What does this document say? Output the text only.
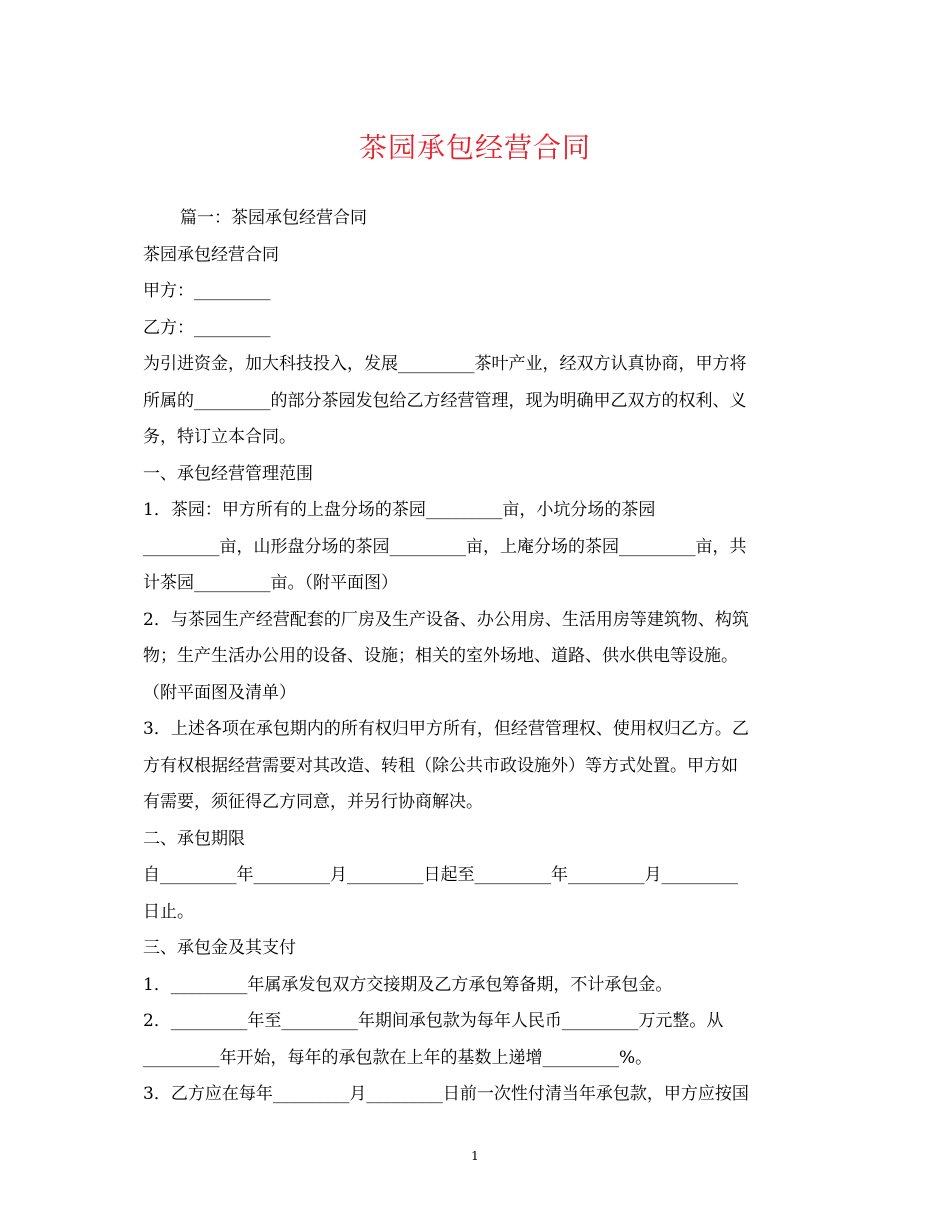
茶园承包经营合同
篇一：茶园承包经营合同
茶园承包经营合同
甲方：_________
乙方：_________
为引进资金，加大科技投入，发展_________茶叶产业，经双方认真协商，甲方将
所属的_________的部分茶园发包给乙方经营管理，现为明确甲乙双方的权利、义
务，特订立本合同。
一、承包经营管理范围
1．茶园：甲方所有的上盘分场的茶园_________亩，小坑分场的茶园
_________亩，山形盘分场的茶园_________亩，上庵分场的茶园_________亩，共
计茶园_________亩。（附平面图）
2．与茶园生产经营配套的厂房及生产设备、办公用房、生活用房等建筑物、构筑
物；生产生活办公用的设备、设施；相关的室外场地、道路、供水供电等设施。
（附平面图及清单）
3．上述各项在承包期内的所有权归甲方所有，但经营管理权、使用权归乙方。乙
方有权根据经营需要对其改造、转租（除公共市政设施外）等方式处置。甲方如
有需要，须征得乙方同意，并另行协商解决。
二、承包期限
自_________年_________月_________日起至_________年_________月_________
日止。
三、承包金及其支付
1．_________年属承发包双方交接期及乙方承包筹备期，不计承包金。
2．_________年至_________年期间承包款为每年人民币_________万元整。从
_________年开始，每年的承包款在上年的基数上递增_________%。
3．乙方应在每年_________月_________日前一次性付清当年承包款，甲方应按国
1
